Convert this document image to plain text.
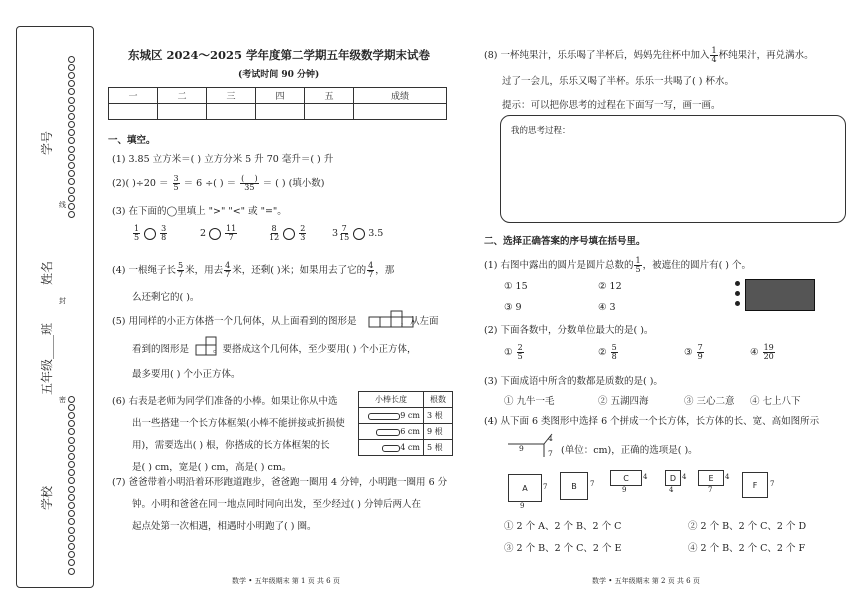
学校
五年级____班
姓名
学号
密
封
线
东城区 2024～2025 学年度第二学期五年级数学期末试卷
(考试时间 90 分钟)
一	二	三	四	五	成绩

一、填空。
(1) 3.85 立方米＝( ) 立方分米 5 升 70 毫升＝( ) 升
(2)( )$\div 20 = \frac{3}{5} = 6$ ÷( ) ＝ $\frac{( )}{35}$ ＝ ( ) (填小数)
(3) 在下面的◯里填上 ">" "<" 或 "="。
$\frac{1}{5}$	$\frac{3}{8}$	$2 \frac{11}{7}$	$\frac{8}{12}$	$\frac{2}{3}$	$3 \frac{7}{15} 3.5$
(4) 一根绳子长 $\frac{5}{7}$ 米，用去 $\frac{4}{7}$ 米，还剩( )米；如果用去了它的 $\frac{4}{7}$ ，那
么还剩它的( )。
(5) 用同样的小正方体搭一个几何体，从上面看到的图形是	，从左面
看到的图形是	。要搭成这个几何体，至少要用( ) 个小正方体，
最多要用( ) 个小正方体。
(6) 右表是老师为同学们准备的小棒。如果让你从中选
出一些搭建一个长方体框架(小棒不能拼接或折损使
用)，需要选出( ) 根，你搭成的长方体框架的长
是( ) cm，宽是( ) cm，高是( ) cm。
小棒长度	根数
9 cm	3 根
6 cm	9 根
4 cm	5 根
(7) 爸爸带着小明沿着环形跑道跑步，爸爸跑一圈用 4 分钟，小明跑一圈用 6 分
钟。小明和爸爸在同一地点同时同向出发，至少经过( ) 分钟后两人在
起点处第一次相遇，相遇时小明跑了( ) 圈。
数学 • 五年级期末 第 1 页 共 6 页
(8) 一杯纯果汁，乐乐喝了半杯后，妈妈先往杯中加入 $\frac{1}{4}$ 杯纯果汁，再兑满水。
过了一会儿，乐乐又喝了半杯。乐乐一共喝了( ) 杯水。
提示：可以把你思考的过程在下面写一写，画一画。
我的思考过程：
二、选择正确答案的序号填在括号里。
(1) 右图中露出的圆片是圆片总数的 $\frac{1}{5}$ ，被遮住的圆片有( ) 个。
① 15	② 12
③ 9	④ 3
(2) 下面各数中，分数单位最大的是( )。
① $\frac{2}{5}$	② $\frac{5}{8}$	③ $\frac{7}{9}$	④ $\frac{19}{20}$
(3) 下面成语中所含的数都是质数的是( )。
① 九牛一毛	② 五湖四海	③ 三心二意 ④ 七上八下
(4) 从下面 6 类图形中选择 6 个拼成一个长方体，长方体的长、宽、高如图所示
9
4
7 (单位：cm)，正确的选项是( )。
A
9
7	B	7
C
9
4	D
4
4	E
7
4
F	7
① 2 个 A、2 个 B、2 个 C	② 2 个 B、2 个 C、2 个 D
③ 2 个 B、2 个 C、2 个 E	④ 2 个 B、2 个 C、2 个 F
数学 • 五年级期末 第 2 页 共 6 页
